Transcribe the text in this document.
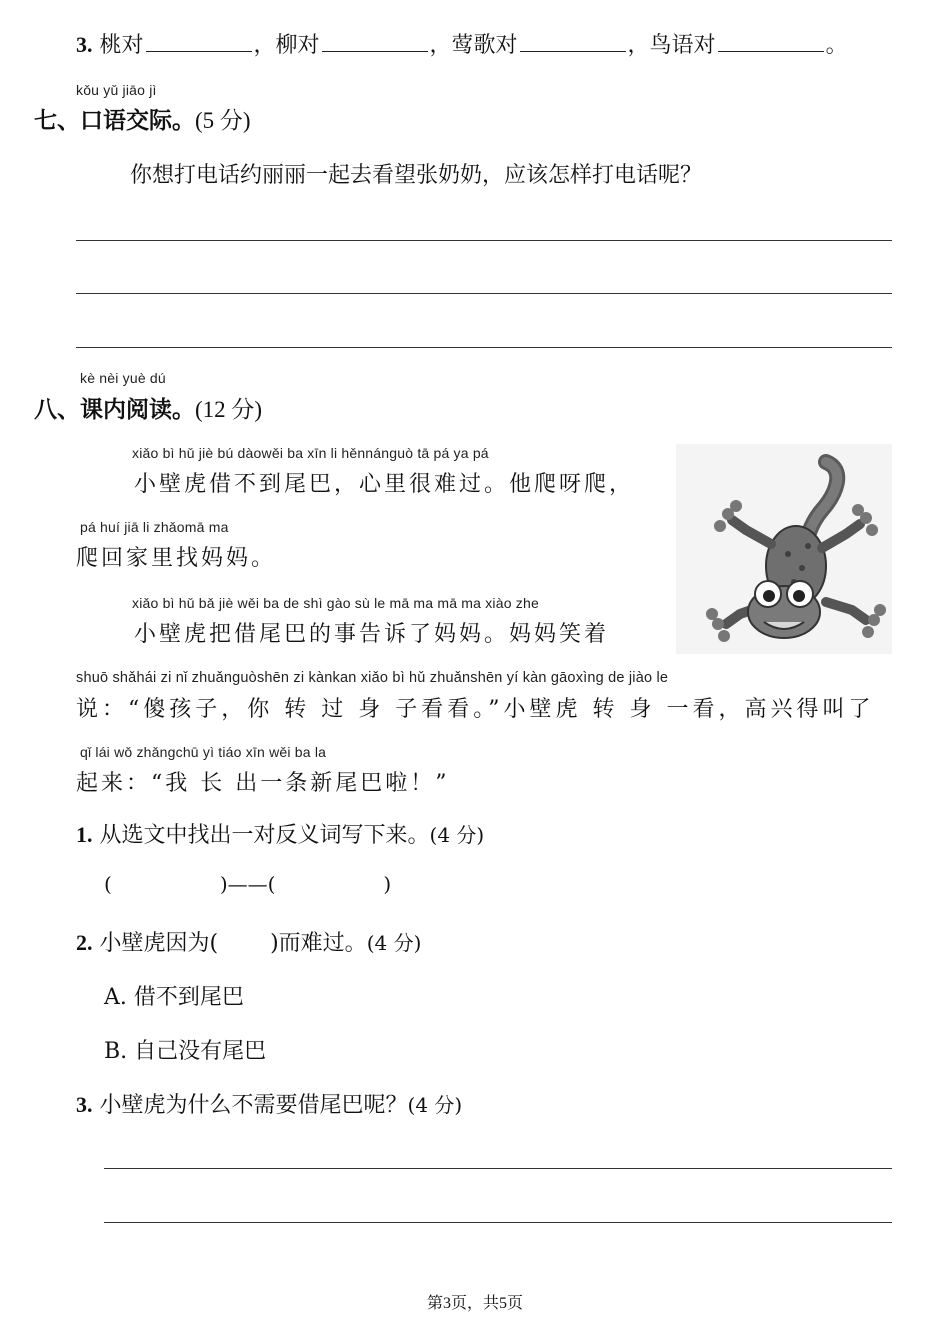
3. 桃对	，柳对	，莺歌对	，鸟语对	。
kǒu yǔ jiāo jì
七、口语交际。(5 分)
你想打电话约丽丽一起去看望张奶奶，应该怎样打电话呢？
kè nèi yuè dú
八、课内阅读。(12 分)
xiǎo bì hǔ jiè bú dàowěi ba xīn li hěnnánguò tā pá ya pá
小壁虎借不到尾巴，心里很难过。他爬呀爬，
pá huí jiā li zhǎomā ma
爬回家里找妈妈。
xiǎo bì hǔ bǎ jiè wěi ba de shì gào sù le mā ma mā ma xiào zhe
小壁虎把借尾巴的事告诉了妈妈。妈妈笑着
shuō shǎhái zi nǐ zhuǎnguòshēn zi kànkan xiǎo bì hǔ zhuǎnshēn yí kàn gāoxìng de jiào le
说：“傻孩子，你 转 过 身 子看看。”小壁虎 转 身 一看，高兴得叫了
qǐ lái wǒ zhǎngchū yì tiáo xīn wěi ba la
起来：“我 长 出一条新尾巴啦！”
1. 从选文中找出一对反义词写下来。(4 分)
(	)——(	)
2. 小壁虎因为( )而难过。(4 分)
A. 借不到尾巴
B. 自己没有尾巴
3. 小壁虎为什么不需要借尾巴呢？(4 分)
第3页，共5页
